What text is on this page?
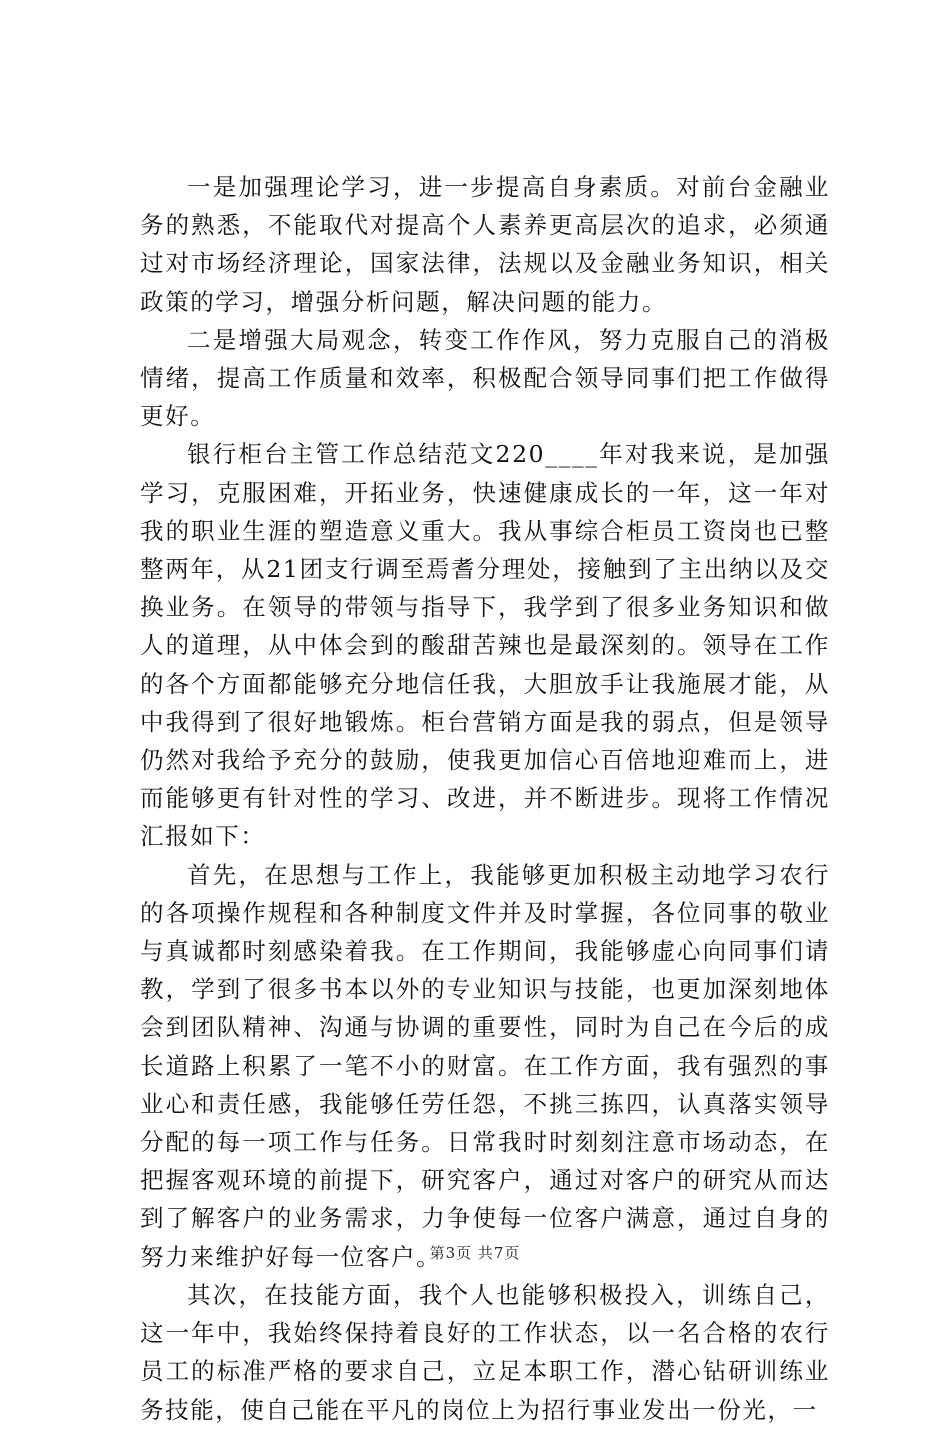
一是加强理论学习，进一步提高自身素质。对前台金融业务的熟悉，不能取代对提高个人素养更高层次的追求，必须通过对市场经济理论，国家法律，法规以及金融业务知识，相关政策的学习，增强分析问题，解决问题的能力。

二是增强大局观念，转变工作作风，努力克服自己的消极情绪，提高工作质量和效率，积极配合领导同事们把工作做得更好。

银行柜台主管工作总结范文220____年对我来说，是加强学习，克服困难，开拓业务，快速健康成长的一年，这一年对我的职业生涯的塑造意义重大。我从事综合柜员工资岗也已整整两年，从21团支行调至焉耆分理处，接触到了主出纳以及交换业务。在领导的带领与指导下，我学到了很多业务知识和做人的道理，从中体会到的酸甜苦辣也是最深刻的。领导在工作的各个方面都能够充分地信任我，大胆放手让我施展才能，从中我得到了很好地锻炼。柜台营销方面是我的弱点，但是领导仍然对我给予充分的鼓励，使我更加信心百倍地迎难而上，进而能够更有针对性的学习、改进，并不断进步。现将工作情况汇报如下：

首先，在思想与工作上，我能够更加积极主动地学习农行的各项操作规程和各种制度文件并及时掌握，各位同事的敬业与真诚都时刻感染着我。在工作期间，我能够虚心向同事们请教，学到了很多书本以外的专业知识与技能，也更加深刻地体会到团队精神、沟通与协调的重要性，同时为自己在今后的成长道路上积累了一笔不小的财富。在工作方面，我有强烈的事业心和责任感，我能够任劳任怨，不挑三拣四，认真落实领导分配的每一项工作与任务。日常我时时刻刻注意市场动态，在把握客观环境的前提下，研究客户，通过对客户的研究从而达到了解客户的业务需求，力争使每一位客户满意，通过自身的努力来维护好每一位客户。

其次，在技能方面，我个人也能够积极投入，训练自己，这一年中，我始终保持着良好的工作状态，以一名合格的农行员工的标准严格的要求自己，立足本职工作，潜心钻研训练业务技能，使自己能在平凡的岗位上为招行事业发出一份光，一

第3页 共7页
